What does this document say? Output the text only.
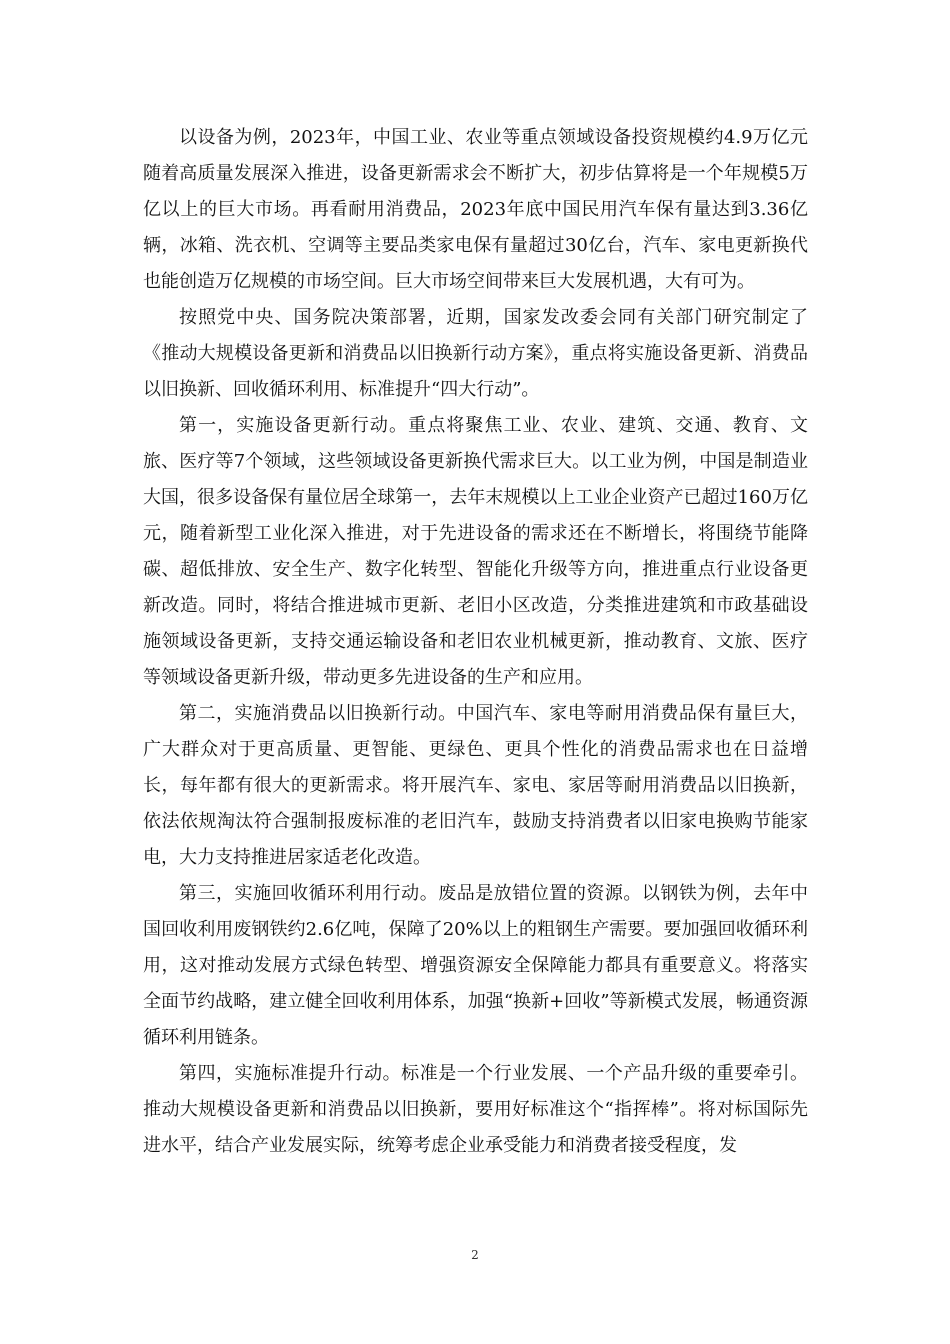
以设备为例，2023年，中国工业、农业等重点领域设备投资规模约4.9万亿元随着高质量发展深入推进，设备更新需求会不断扩大，初步估算将是一个年规模5万亿以上的巨大市场。再看耐用消费品，2023年底中国民用汽车保有量达到3.36亿辆，冰箱、洗衣机、空调等主要品类家电保有量超过30亿台，汽车、家电更新换代也能创造万亿规模的市场空间。巨大市场空间带来巨大发展机遇，大有可为。

按照党中央、国务院决策部署，近期，国家发改委会同有关部门研究制定了《推动大规模设备更新和消费品以旧换新行动方案》，重点将实施设备更新、消费品以旧换新、回收循环利用、标准提升“四大行动”。

第一，实施设备更新行动。重点将聚焦工业、农业、建筑、交通、教育、文旅、医疗等7个领域，这些领域设备更新换代需求巨大。以工业为例，中国是制造业大国，很多设备保有量位居全球第一，去年末规模以上工业企业资产已超过160万亿元，随着新型工业化深入推进，对于先进设备的需求还在不断增长，将围绕节能降碳、超低排放、安全生产、数字化转型、智能化升级等方向，推进重点行业设备更新改造。同时，将结合推进城市更新、老旧小区改造，分类推进建筑和市政基础设施领域设备更新，支持交通运输设备和老旧农业机械更新，推动教育、文旅、医疗等领域设备更新升级，带动更多先进设备的生产和应用。

第二，实施消费品以旧换新行动。中国汽车、家电等耐用消费品保有量巨大，广大群众对于更高质量、更智能、更绿色、更具个性化的消费品需求也在日益增长，每年都有很大的更新需求。将开展汽车、家电、家居等耐用消费品以旧换新，依法依规淘汰符合强制报废标准的老旧汽车，鼓励支持消费者以旧家电换购节能家电，大力支持推进居家适老化改造。

第三，实施回收循环利用行动。废品是放错位置的资源。以钢铁为例，去年中国回收利用废钢铁约2.6亿吨，保障了20%以上的粗钢生产需要。要加强回收循环利用，这对推动发展方式绿色转型、增强资源安全保障能力都具有重要意义。将落实全面节约战略，建立健全回收利用体系，加强“换新+回收”等新模式发展，畅通资源循环利用链条。

第四，实施标准提升行动。标准是一个行业发展、一个产品升级的重要牵引。推动大规模设备更新和消费品以旧换新，要用好标准这个“指挥棒”。将对标国际先进水平，结合产业发展实际，统筹考虑企业承受能力和消费者接受程度，发

2
